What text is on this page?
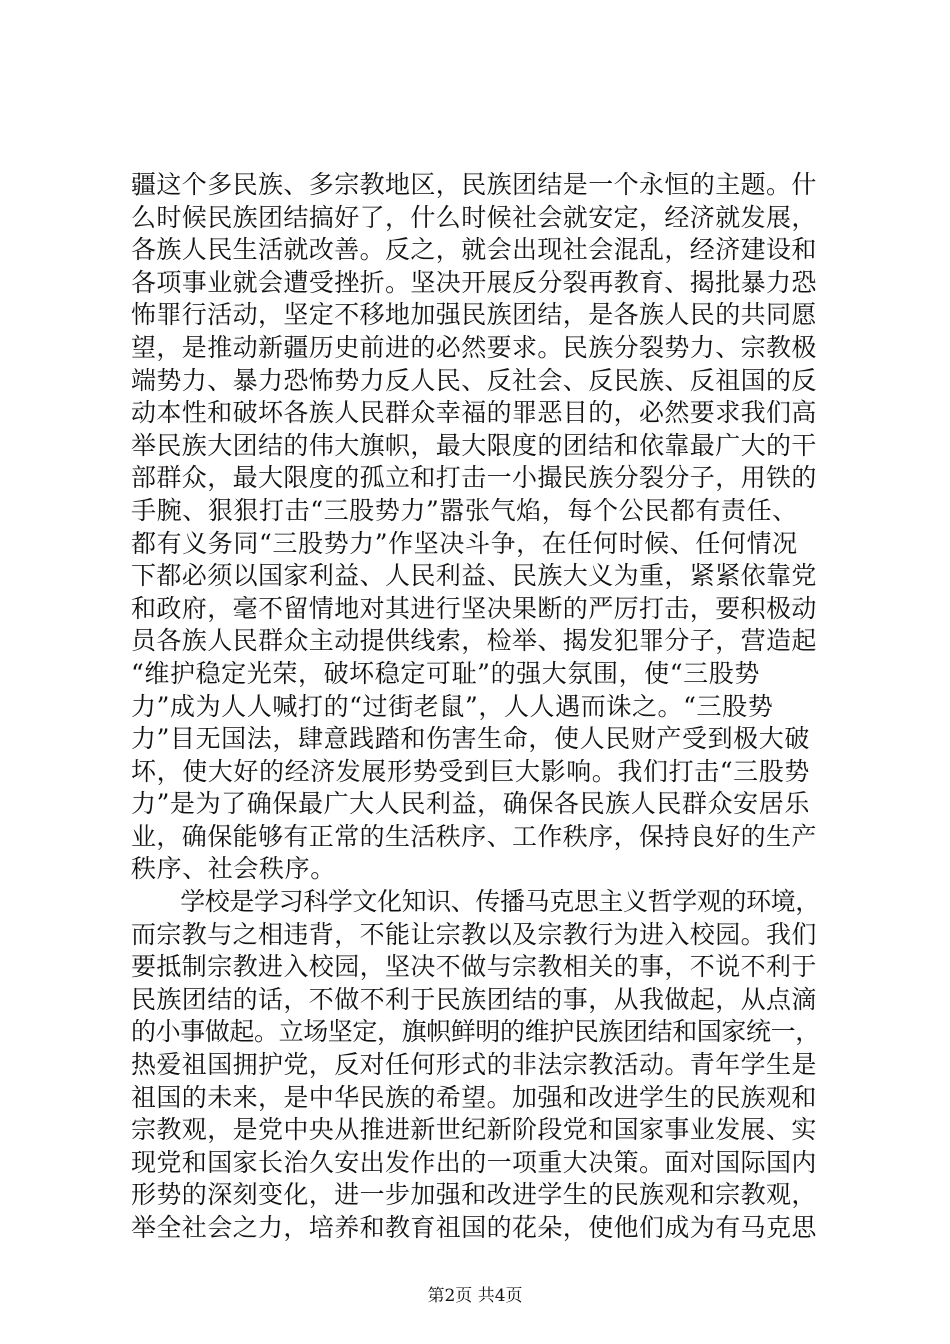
疆这个多民族、多宗教地区，民族团结是一个永恒的主题。什
么时候民族团结搞好了，什么时候社会就安定，经济就发展，
各族人民生活就改善。反之，就会出现社会混乱，经济建设和
各项事业就会遭受挫折。坚决开展反分裂再教育、揭批暴力恐
怖罪行活动，坚定不移地加强民族团结，是各族人民的共同愿
望，是推动新疆历史前进的必然要求。民族分裂势力、宗教极
端势力、暴力恐怖势力反人民、反社会、反民族、反祖国的反
动本性和破坏各族人民群众幸福的罪恶目的，必然要求我们高
举民族大团结的伟大旗帜，最大限度的团结和依靠最广大的干
部群众，最大限度的孤立和打击一小撮民族分裂分子，用铁的
手腕、狠狠打击“三股势力”嚣张气焰，每个公民都有责任、
都有义务同“三股势力”作坚决斗争，在任何时候、任何情况
下都必须以国家利益、人民利益、民族大义为重，紧紧依靠党
和政府，毫不留情地对其进行坚决果断的严厉打击，要积极动
员各族人民群众主动提供线索，检举、揭发犯罪分子，营造起
“维护稳定光荣，破坏稳定可耻”的强大氛围，使“三股势
力”成为人人喊打的“过街老鼠”，人人遇而诛之。“三股势
力”目无国法，肆意践踏和伤害生命，使人民财产受到极大破
坏，使大好的经济发展形势受到巨大影响。我们打击“三股势
力”是为了确保最广大人民利益，确保各民族人民群众安居乐
业，确保能够有正常的生活秩序、工作秩序，保持良好的生产
秩序、社会秩序。
　　学校是学习科学文化知识、传播马克思主义哲学观的环境，
而宗教与之相违背，不能让宗教以及宗教行为进入校园。我们
要抵制宗教进入校园，坚决不做与宗教相关的事，不说不利于
民族团结的话，不做不利于民族团结的事，从我做起，从点滴
的小事做起。立场坚定，旗帜鲜明的维护民族团结和国家统一，
热爱祖国拥护党，反对任何形式的非法宗教活动。青年学生是
祖国的未来，是中华民族的希望。加强和改进学生的民族观和
宗教观，是党中央从推进新世纪新阶段党和国家事业发展、实
现党和国家长治久安出发作出的一项重大决策。面对国际国内
形势的深刻变化，进一步加强和改进学生的民族观和宗教观，
举全社会之力，培养和教育祖国的花朵，使他们成为有马克思
第2页 共4页
